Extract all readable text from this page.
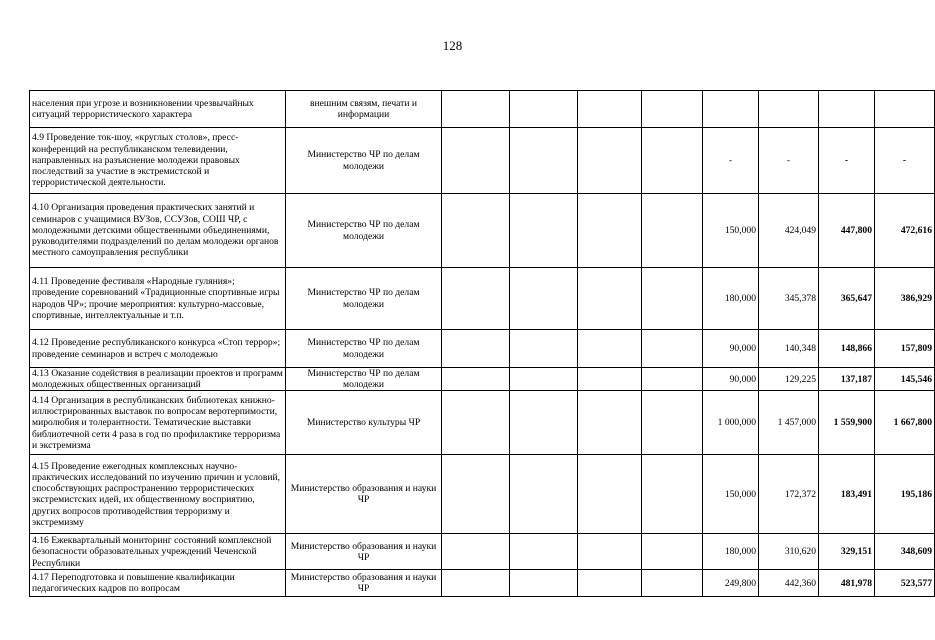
128
населения при угрозе и возникновении чрезвычайных ситуаций террористического характера	внешним связям, печати и информации								
4.9 Проведение ток-шоу, «круглых столов», пресс-конференций на республиканском телевидении, направленных на разъяснение молодежи правовых последствий за участие в экстремистской и террористической деятельности.	Министерство ЧР по делам молодежи					-	-	-	-
4.10 Организация проведения практических занятий и семинаров с учащимися ВУЗов, ССУЗов, СОШ ЧР, с молодежными детскими общественными объединениями, руководителями подразделений по делам молодежи органов местного самоуправления республики	Министерство ЧР по делам молодежи					150,000	424,049	447,800	472,616
4.11 Проведение фестиваля «Народные гуляния»; проведение соревнований «Традиционные спортивные игры народов ЧР»; прочие мероприятия: культурно-массовые, спортивные, интеллектуальные и т.п.	Министерство ЧР по делам молодежи					180,000	345,378	365,647	386,929
4.12 Проведение республиканского конкурса «Стоп террор»; проведение семинаров и встреч с молодежью	Министерство ЧР по делам молодежи					90,000	140,348	148,866	157,809
4.13 Оказание содействия в реализации проектов и программ молодежных общественных организаций	Министерство ЧР по делам молодежи					90,000	129,225	137,187	145,546
4.14 Организация в республиканских библиотеках книжно-иллюстрированных выставок по вопросам веротерпимости, миролюбия и толерантности. Тематические выставки библиотечной сети 4 раза в год по профилактике терроризма и экстремизма	Министерство культуры ЧР					1 000,000	1 457,000	1 559,900	1 667,800
4.15 Проведение ежегодных комплексных научно-практических исследований по изучению причин и условий, способствующих распространению террористических экстремистских идей, их общественному восприятию, других вопросов противодействия терроризму и экстремизму	Министерство образования и науки ЧР					150,000	172,372	183,491	195,186
4.16 Ежеквартальный мониторинг состояний комплексной безопасности образовательных учреждений Чеченской Республики	Министерство образования и науки ЧР					180,000	310,620	329,151	348,609
4.17 Переподготовка и повышение квалификации педагогических кадров по вопросам	Министерство образования и науки ЧР					249,800	442,360	481,978	523,577
